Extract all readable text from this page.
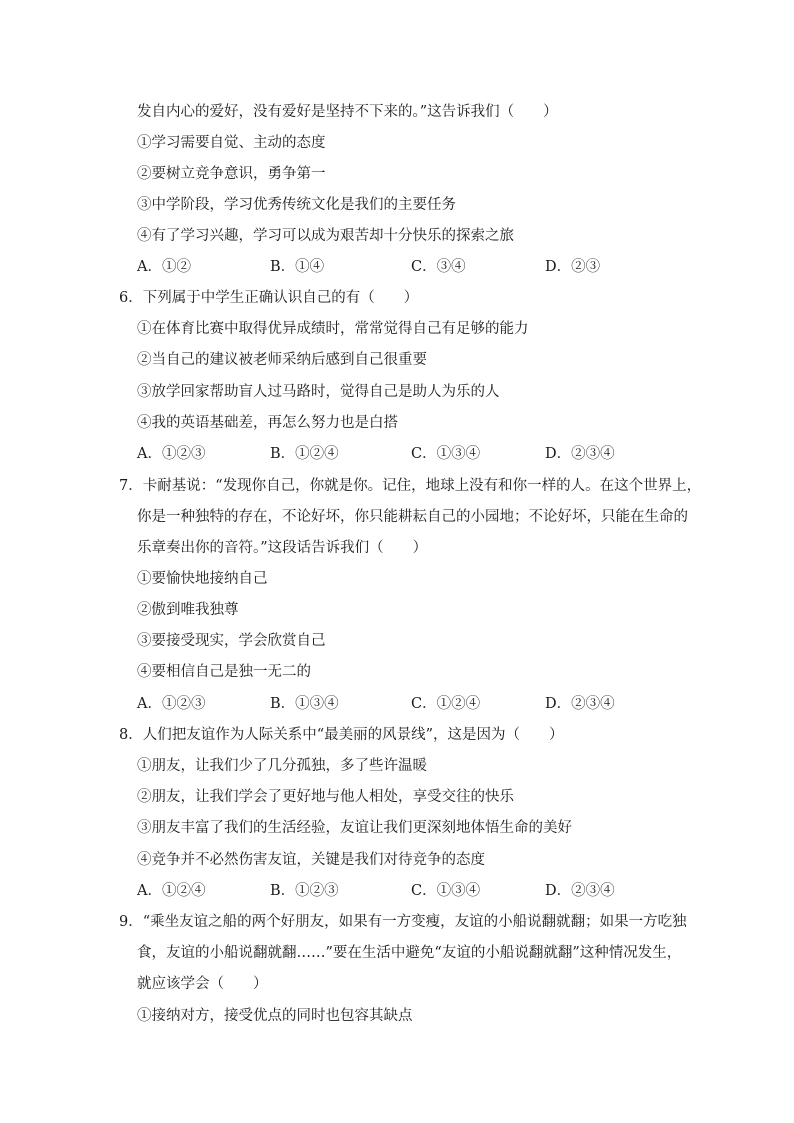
发自内心的爱好，没有爱好是坚持不下来的。”这告诉我们（　　）
①学习需要自觉、主动的态度
②要树立竞争意识，勇争第一
③中学阶段，学习优秀传统文化是我们的主要任务
④有了学习兴趣，学习可以成为艰苦却十分快乐的探索之旅
A．①②	B．①④	C．③④	D．②③
6．下列属于中学生正确认识自己的有（　　）
①在体育比赛中取得优异成绩时，常常觉得自己有足够的能力
②当自己的建议被老师采纳后感到自己很重要
③放学回家帮助盲人过马路时，觉得自己是助人为乐的人
④我的英语基础差，再怎么努力也是白搭
A．①②③	B．①②④	C．①③④	D．②③④
7．卡耐基说：“发现你自己，你就是你。记住，地球上没有和你一样的人。在这个世界上，
你是一种独特的存在，不论好坏，你只能耕耘自己的小园地；不论好坏，只能在生命的
乐章奏出你的音符。”这段话告诉我们（　　）
①要愉快地接纳自己
②傲到唯我独尊
③要接受现实，学会欣赏自己
④要相信自己是独一无二的
A．①②③	B．①③④	C．①②④	D．②③④
8．人们把友谊作为人际关系中“最美丽的风景线”，这是因为（　　）
①朋友，让我们少了几分孤独，多了些许温暖
②朋友，让我们学会了更好地与他人相处，享受交往的快乐
③朋友丰富了我们的生活经验，友谊让我们更深刻地体悟生命的美好
④竞争并不必然伤害友谊，关键是我们对待竞争的态度
A．①②④	B．①②③	C．①③④	D．②③④
9．“乘坐友谊之船的两个好朋友，如果有一方变瘦，友谊的小船说翻就翻；如果一方吃独
食，友谊的小船说翻就翻……”要在生活中避免“友谊的小船说翻就翻”这种情况发生，
就应该学会（　　）
①接纳对方，接受优点的同时也包容其缺点
